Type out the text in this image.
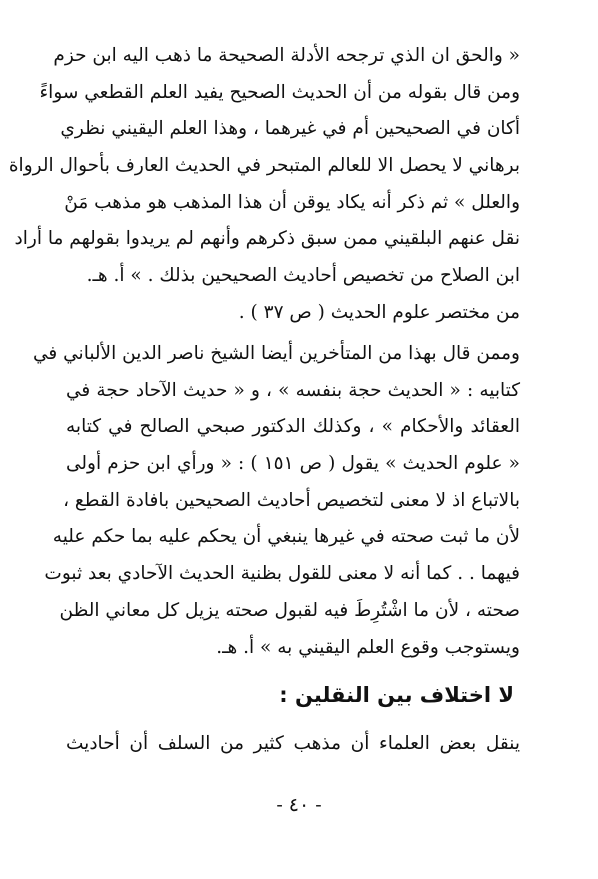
« والحق ان الذي ترجحه الأدلة الصحيحة ما ذهب اليه ابن حزم
ومن قال بقوله من أن الحديث الصحيح يفيد العلم القطعي سواءً
أكان في الصحيحين أم في غيرهما ، وهذا العلم اليقيني نظري
برهاني لا يحصل الا للعالم المتبحر في الحديث العارف بأحوال الرواة
والعلل » ثم ذكر أنه يكاد يوقن أن هذا المذهب هو مذهب مَنْ
نقل عنهم البلقيني ممن سبق ذكرهم وأنهم لم يريدوا بقولهم ما أراد
ابن الصلاح من تخصيص أحاديث الصحيحين بذلك . » أ. هـ.
من مختصر علوم الحديث ( ص ٣٧ ) .
وممن قال بهذا من المتأخرين أيضا الشيخ ناصر الدين الألباني في
كتابيه : « الحديث حجة بنفسه » ، و « حديث الآحاد حجة في
العقائد والأحكام » ، وكذلك الدكتور صبحي الصالح في كتابه
« علوم الحديث » يقول ( ص ١٥١ ) : « ورأي ابن حزم أولى
بالاتباع اذ لا معنى لتخصيص أحاديث الصحيحين بافادة القطع ،
لأن ما ثبت صحته في غيرها ينبغي أن يحكم عليه بما حكم عليه
فيهما . . كما أنه لا معنى للقول بظنية الحديث الآحادي بعد ثبوت
صحته ، لأن ما اشْتُرِطَ فيه لقبول صحته يزيل كل معاني الظن
ويستوجب وقوع العلم اليقيني به » أ. هـ.
لا اختلاف بين النقلين :
ينقل بعض العلماء أن مذهب كثير من السلف أن أحاديث
- ٤٠ -
